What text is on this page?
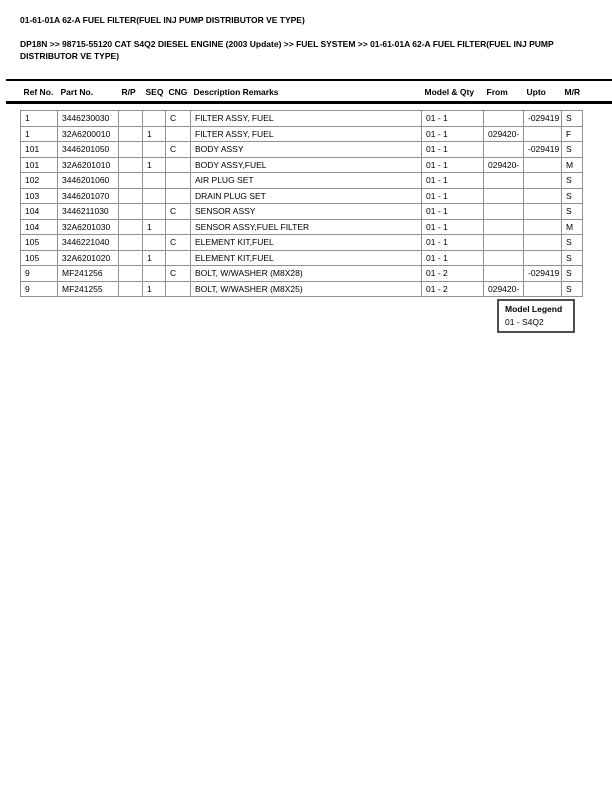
01-61-01A 62-A FUEL FILTER(FUEL INJ PUMP DISTRIBUTOR VE TYPE)
DP18N >> 98715-55120 CAT S4Q2 DIESEL ENGINE (2003 Update) >> FUEL SYSTEM >> 01-61-01A 62-A FUEL FILTER(FUEL INJ PUMP DISTRIBUTOR VE TYPE)
Ref No.	Part No.	R/P	SEQ	CNG	Description Remarks	Model & Qty	From	Upto	M/R
1	3446230030			C	FILTER ASSY, FUEL	01 - 1		-029419	S
1	32A6200010		1		FILTER ASSY, FUEL	01 - 1	029420-		F
101	3446201050			C	BODY ASSY	01 - 1		-029419	S
101	32A6201010		1		BODY ASSY,FUEL	01 - 1	029420-		M
102	3446201060				AIR PLUG SET	01 - 1			S
103	3446201070				DRAIN PLUG SET	01 - 1			S
104	3446211030			C	SENSOR ASSY	01 - 1			S
104	32A6201030		1		SENSOR ASSY,FUEL FILTER	01 - 1			M
105	3446221040			C	ELEMENT KIT,FUEL	01 - 1			S
105	32A6201020		1		ELEMENT KIT,FUEL	01 - 1			S
9	MF241256			C	BOLT, W/WASHER (M8X28)	01 - 2		-029419	S
9	MF241255		1		BOLT, W/WASHER (M8X25)	01 - 2	029420-		S
Model Legend
01 - S4Q2
